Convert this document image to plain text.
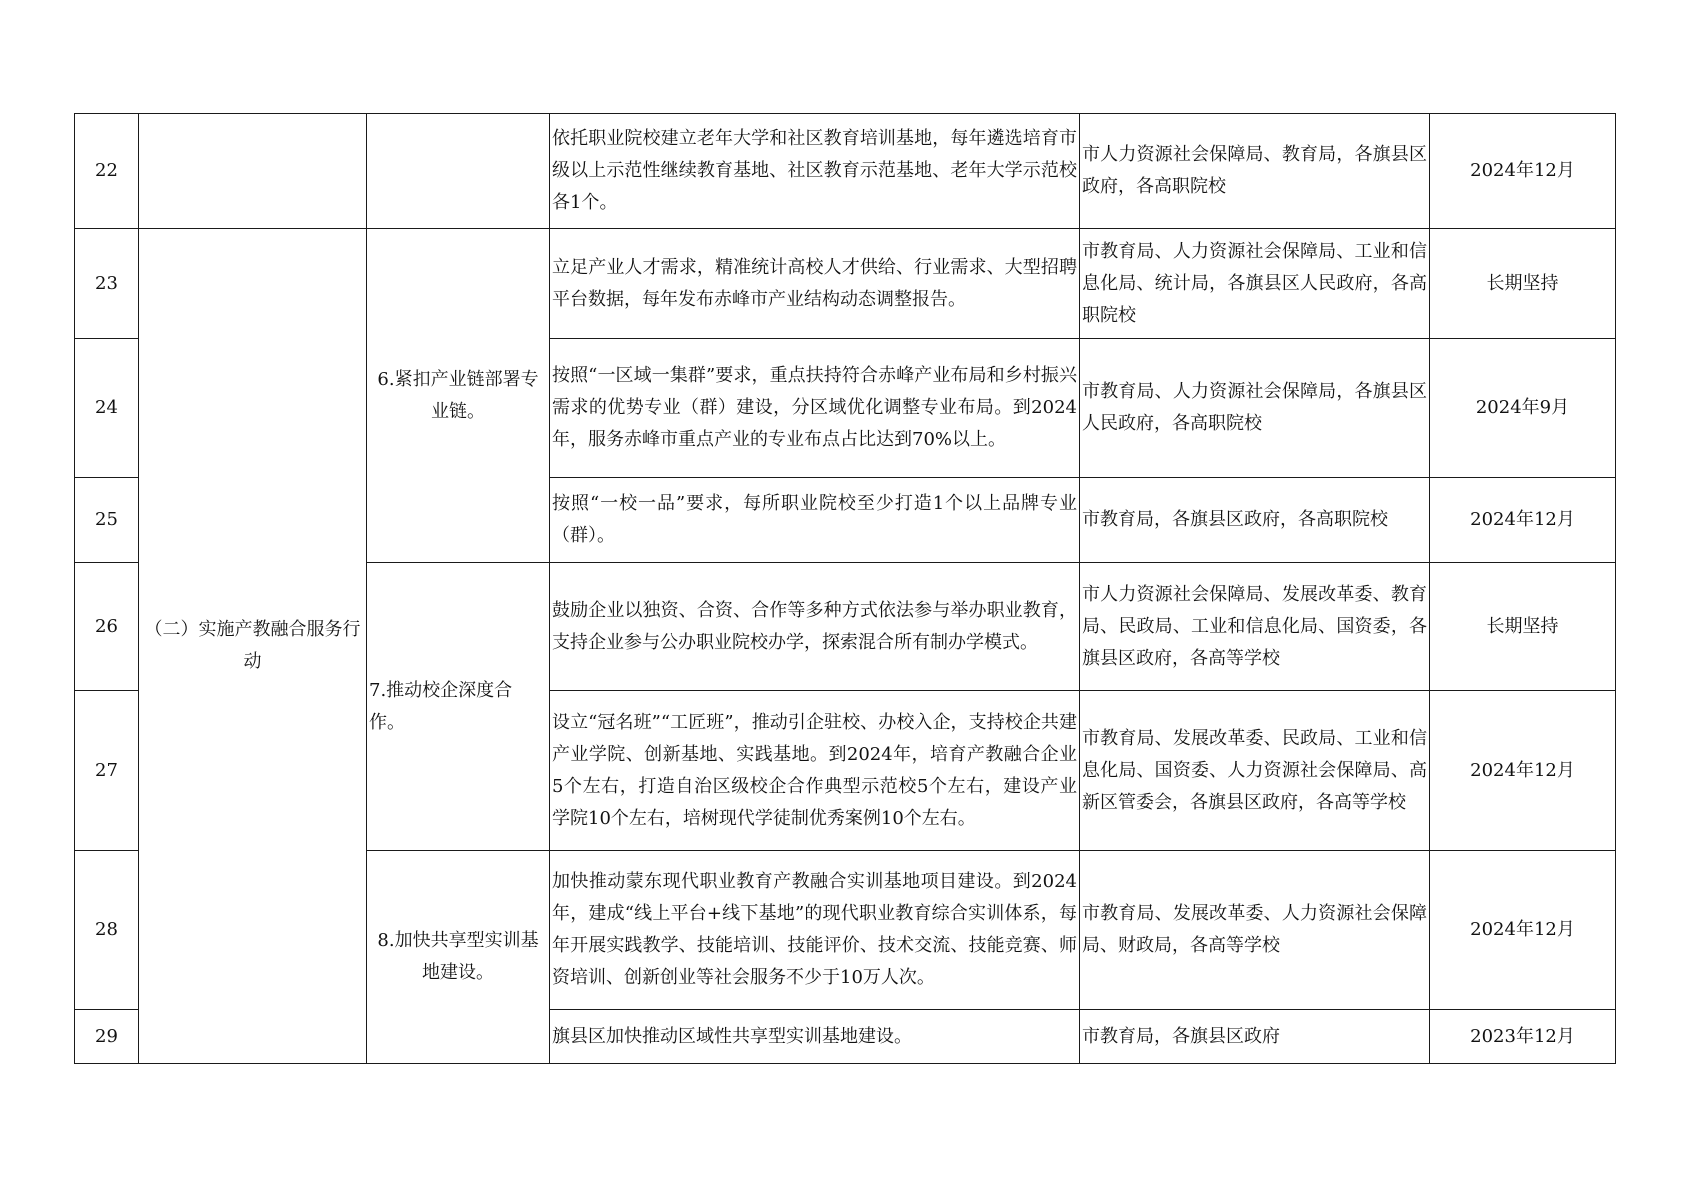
22			依托职业院校建立老年大学和社区教育培训基地，每年遴选培育市级以上示范性继续教育基地、社区教育示范基地、老年大学示范校各1个。	市人力资源社会保障局、教育局，各旗县区政府，各高职院校	2024年12月
23	（二）实施产教融合服务行动	6.紧扣产业链部署专业链。	立足产业人才需求，精准统计高校人才供给、行业需求、大型招聘平台数据，每年发布赤峰市产业结构动态调整报告。	市教育局、人力资源社会保障局、工业和信息化局、统计局，各旗县区人民政府，各高职院校	长期坚持
24			按照“一区域一集群”要求，重点扶持符合赤峰产业布局和乡村振兴需求的优势专业（群）建设，分区域优化调整专业布局。到2024年，服务赤峰市重点产业的专业布点占比达到70%以上。	市教育局、人力资源社会保障局，各旗县区人民政府，各高职院校	2024年9月
25			按照“一校一品”要求，每所职业院校至少打造1个以上品牌专业（群）。	市教育局，各旗县区政府，各高职院校	2024年12月
26		7.推动校企深度合作。	鼓励企业以独资、合资、合作等多种方式依法参与举办职业教育，支持企业参与公办职业院校办学，探索混合所有制办学模式。	市人力资源社会保障局、发展改革委、教育局、民政局、工业和信息化局、国资委，各旗县区政府，各高等学校	长期坚持
27			设立“冠名班”“工匠班”，推动引企驻校、办校入企，支持校企共建产业学院、创新基地、实践基地。到2024年，培育产教融合企业5个左右，打造自治区级校企合作典型示范校5个左右，建设产业学院10个左右，培树现代学徒制优秀案例10个左右。	市教育局、发展改革委、民政局、工业和信息化局、国资委、人力资源社会保障局、高新区管委会，各旗县区政府，各高等学校	2024年12月
28		8.加快共享型实训基地建设。	加快推动蒙东现代职业教育产教融合实训基地项目建设。到2024年，建成“线上平台+线下基地”的现代职业教育综合实训体系，每年开展实践教学、技能培训、技能评价、技术交流、技能竞赛、师资培训、创新创业等社会服务不少于10万人次。	市教育局、发展改革委、人力资源社会保障局、财政局，各高等学校	2024年12月
29			旗县区加快推动区域性共享型实训基地建设。	市教育局，各旗县区政府	2023年12月
